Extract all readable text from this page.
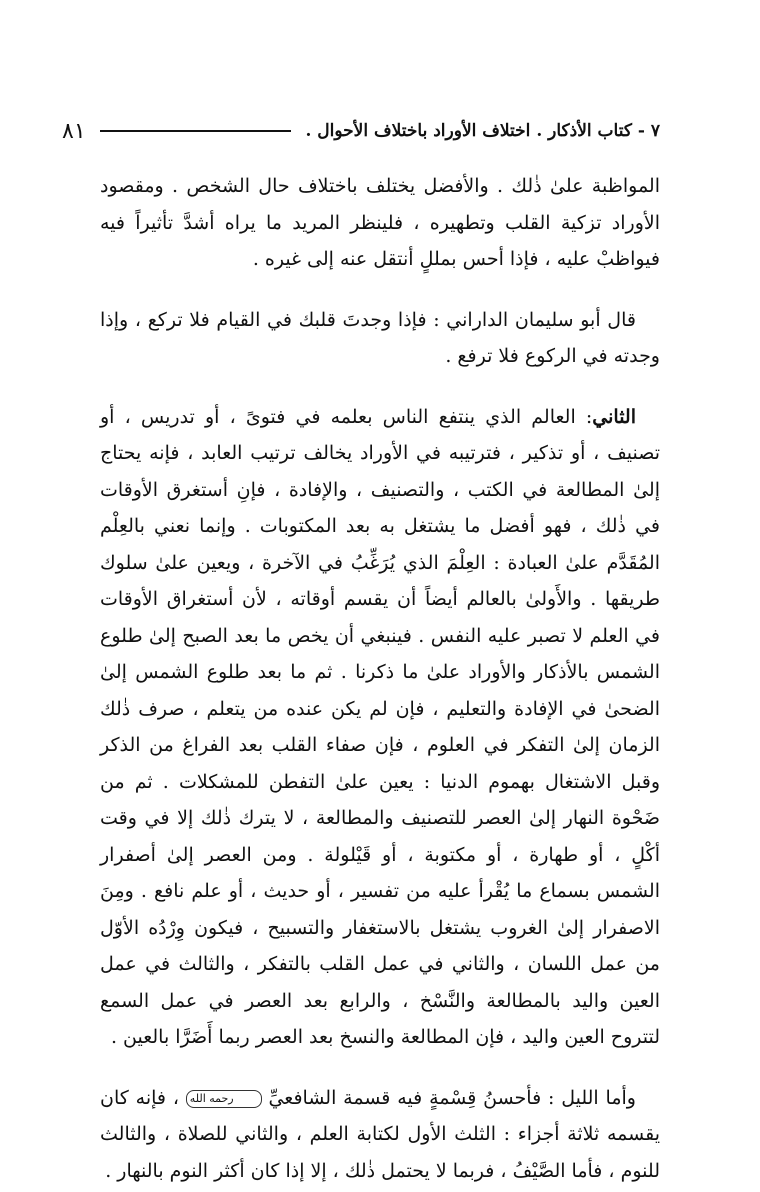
٧ - كتاب الأذكار . اختلاف الأوراد باختلاف الأحوال .
٨١

المواظبة علىٰ ذٰلك . والأفضل يختلف باختلاف حال الشخص . ومقصود الأوراد تزكية القلب وتطهيره ، فلينظر المريد ما يراه أشدَّ تأثيراً فيه فيواظبْ عليه ، فإذا أحس بمللٍ أنتقل عنه إلى غيره .

قال أبو سليمان الداراني : فإذا وجدتَ قلبك في القيام فلا تركع ، وإذا وجدته في الركوع فلا ترفع .

الثاني: العالم الذي ينتفع الناس بعلمه في فتوىً ، أو تدريس ، أو تصنيف ، أو تذكير ، فترتيبه في الأوراد يخالف ترتيب العابد ، فإنه يحتاج إلىٰ المطالعة في الكتب ، والتصنيف ، والإفادة ، فإنِ أستغرق الأوقات في ذٰلك ، فهو أفضل ما يشتغل به بعد المكتوبات . وإنما نعني بالعِلْم المُقَدَّم علىٰ العبادة : العِلْمَ الذي يُرَغِّبُ في الآخرة ، ويعين علىٰ سلوك طريقها . والأَولىٰ بالعالم أيضاً أن يقسم أوقاته ، لأن أستغراق الأوقات في العلم لا تصبر عليه النفس . فينبغي أن يخص ما بعد الصبح إلىٰ طلوع الشمس بالأذكار والأوراد علىٰ ما ذكرنا . ثم ما بعد طلوع الشمس إلىٰ الضحىٰ في الإفادة والتعليم ، فإن لم يكن عنده من يتعلم ، صرف ذٰلك الزمان إلىٰ التفكر في العلوم ، فإن صفاء القلب بعد الفراغ من الذكر وقبل الاشتغال بهموم الدنيا : يعين علىٰ التفطن للمشكلات . ثم من ضَحْوة النهار إلىٰ العصر للتصنيف والمطالعة ، لا يترك ذٰلك إلا في وقت أكْلٍ ، أو طهارة ، أو مكتوبة ، أو قَيْلولة . ومن العصر إلىٰ أصفرار الشمس بسماع ما يُقْرأ عليه من تفسير ، أو حديث ، أو علم نافع . ومِنَ الاصفرار إلىٰ الغروب يشتغل بالاستغفار والتسبيح ، فيكون وِرْدُه الأوّل من عمل اللسان ، والثاني في عمل القلب بالتفكر ، والثالث في عمل العين واليد بالمطالعة والنَّسْخ ، والرابع بعد العصر في عمل السمع لتتروح العين واليد ، فإن المطالعة والنسخ بعد العصر ربما أَضَرَّا بالعين .

وأما الليل : فأحسنُ قِسْمةٍ فيه قسمة الشافعيِّ رحمه الله ، فإنه كان يقسمه ثلاثة أجزاء : الثلث الأول لكتابة العلم ، والثاني للصلاة ، والثالث للنوم ، فأما الصَّيْفُ ، فربما لا يحتمل ذٰلك ، إلا إذا كان أكثر النوم بالنهار .
